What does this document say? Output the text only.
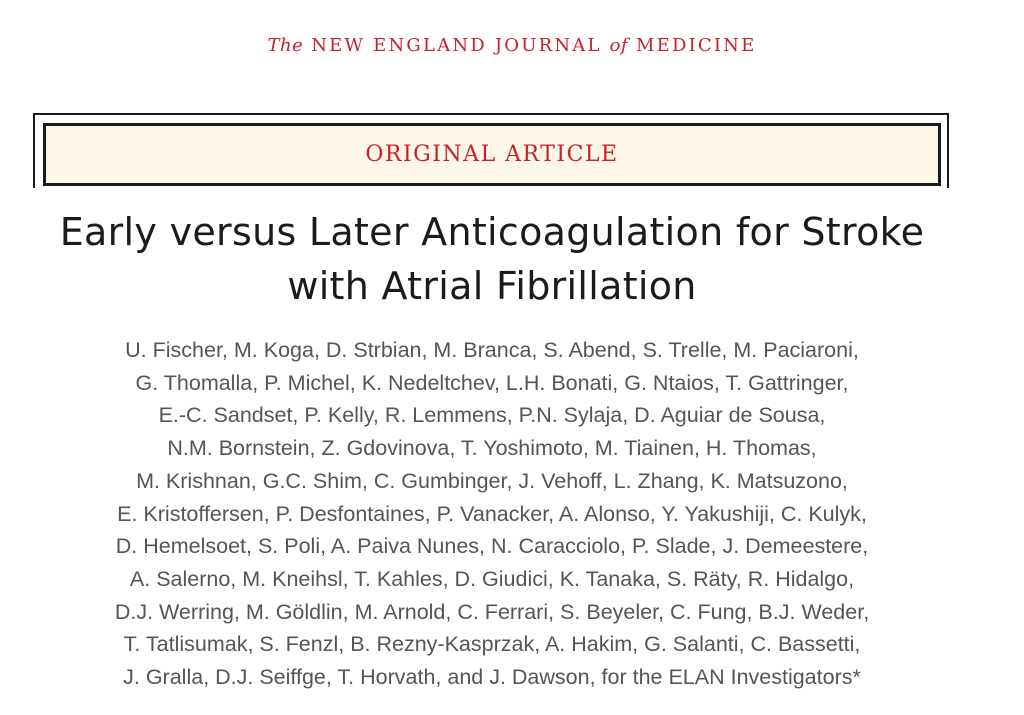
The NEW ENGLAND JOURNAL of MEDICINE
ORIGINAL ARTICLE
Early versus Later Anticoagulation for Stroke
with Atrial Fibrillation
U. Fischer, M. Koga, D. Strbian, M. Branca, S. Abend, S. Trelle, M. Paciaroni,
G. Thomalla, P. Michel, K. Nedeltchev, L.H. Bonati, G. Ntaios, T. Gattringer,
E.-C. Sandset, P. Kelly, R. Lemmens, P.N. Sylaja, D. Aguiar de Sousa,
N.M. Bornstein, Z. Gdovinova, T. Yoshimoto, M. Tiainen, H. Thomas,
M. Krishnan, G.C. Shim, C. Gumbinger, J. Vehoff, L. Zhang, K. Matsuzono,
E. Kristoffersen, P. Desfontaines, P. Vanacker, A. Alonso, Y. Yakushiji, C. Kulyk,
D. Hemelsoet, S. Poli, A. Paiva Nunes, N. Caracciolo, P. Slade, J. Demeestere,
A. Salerno, M. Kneihsl, T. Kahles, D. Giudici, K. Tanaka, S. Räty, R. Hidalgo,
D.J. Werring, M. Göldlin, M. Arnold, C. Ferrari, S. Beyeler, C. Fung, B.J. Weder,
T. Tatlisumak, S. Fenzl, B. Rezny-Kasprzak, A. Hakim, G. Salanti, C. Bassetti,
J. Gralla, D.J. Seiffge, T. Horvath, and J. Dawson, for the ELAN Investigators*
